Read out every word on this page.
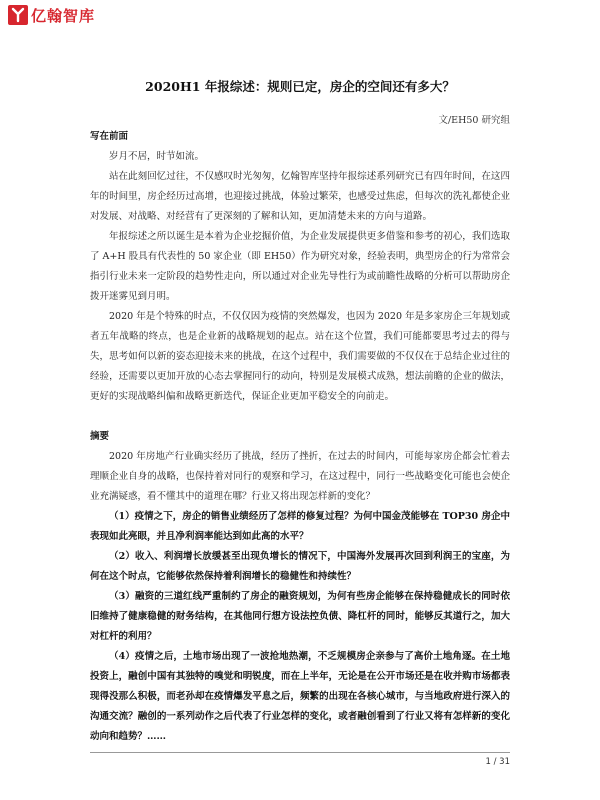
亿翰智库
2020H1 年报综述：规则已定，房企的空间还有多大？
文/EH50 研究组

写在前面

岁月不居，时节如流。

站在此刻回忆过往，不仅感叹时光匆匆，亿翰智库坚持年报综述系列研究已有四年时间，在这四年的时间里，房企经历过高增，也迎接过挑战，体验过繁荣，也感受过焦虑，但每次的洗礼都使企业对发展、对战略、对经营有了更深刻的了解和认知，更加清楚未来的方向与道路。

年报综述之所以诞生是本着为企业挖掘价值，为企业发展提供更多借鉴和参考的初心，我们选取了 A+H 股具有代表性的 50 家企业（即 EH50）作为研究对象，经验表明，典型房企的行为常常会指引行业未来一定阶段的趋势性走向，所以通过对企业先导性行为或前瞻性战略的分析可以帮助房企拨开迷雾见到月明。

2020 年是个特殊的时点，不仅仅因为疫情的突然爆发，也因为 2020 年是多家房企三年规划或者五年战略的终点，也是企业新的战略规划的起点。站在这个位置，我们可能都要思考过去的得与失，思考如何以新的姿态迎接未来的挑战，在这个过程中，我们需要做的不仅仅在于总结企业过往的经验，还需要以更加开放的心态去掌握同行的动向，特别是发展模式成熟，想法前瞻的企业的做法，更好的实现战略纠偏和战略更新迭代，保证企业更加平稳安全的向前走。

摘要

2020 年房地产行业确实经历了挑战，经历了挫折，在过去的时间内，可能每家房企都会忙着去理顺企业自身的战略，也保持着对同行的观察和学习，在这过程中，同行一些战略变化可能也会使企业充满疑惑，看不懂其中的道理在哪？行业又将出现怎样新的变化？

（1）疫情之下，房企的销售业绩经历了怎样的修复过程？为何中国金茂能够在 TOP30 房企中表现如此亮眼，并且净利润率能达到如此高的水平？

（2）收入、利润增长放缓甚至出现负增长的情况下，中国海外发展再次回到利润王的宝座，为何在这个时点，它能够依然保持着利润增长的稳健性和持续性？

（3）融资的三道红线严重制约了房企的融资规划，为何有些房企能够在保持稳健成长的同时依旧维持了健康稳健的财务结构，在其他同行想方设法控负债、降杠杆的同时，能够反其道行之，加大对杠杆的利用？

（4）疫情之后，土地市场出现了一波抢地热潮，不乏规模房企亲参与了高价土地角逐。在土地投资上，融创中国有其独特的嗅觉和明锐度，而在上半年，无论是在公开市场还是在收并购市场都表现得没那么积极，而老孙却在疫情爆发平息之后，频繁的出现在各核心城市，与当地政府进行深入的沟通交流？融创的一系列动作之后代表了行业怎样的变化，或者融创看到了行业又将有怎样新的变化动向和趋势？……

1 / 31
